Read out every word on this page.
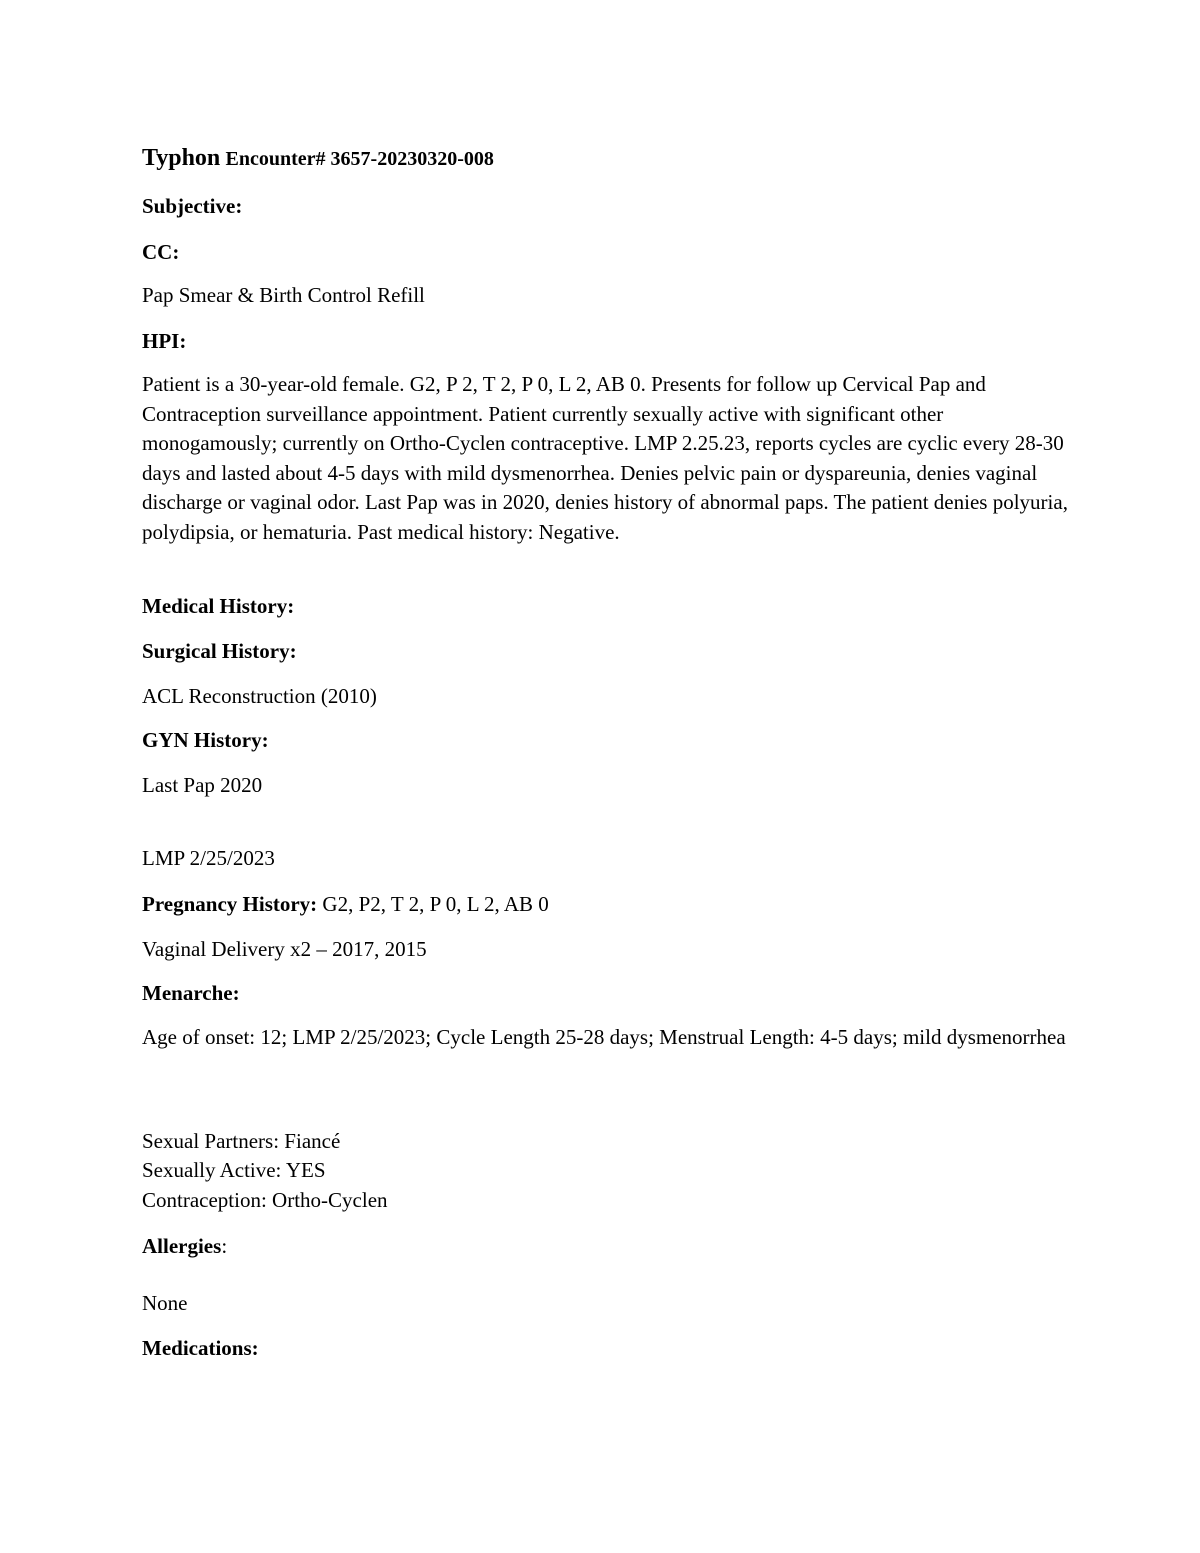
Typhon Encounter# 3657-20230320-008
Subjective:
CC:
Pap Smear & Birth Control Refill
HPI:
Patient is a 30-year-old female. G2, P 2, T 2, P 0, L 2, AB 0. Presents for follow up Cervical Pap and Contraception surveillance appointment. Patient currently sexually active with significant other monogamously; currently on Ortho-Cyclen contraceptive. LMP 2.25.23, reports cycles are cyclic every 28-30 days and lasted about 4-5 days with mild dysmenorrhea. Denies pelvic pain or dyspareunia, denies vaginal discharge or vaginal odor. Last Pap was in 2020, denies history of abnormal paps. The patient denies polyuria, polydipsia, or hematuria. Past medical history: Negative.
Medical History:
Surgical History:
ACL Reconstruction (2010)
GYN History:
Last Pap 2020
LMP 2/25/2023
Pregnancy History: G2, P2, T 2, P 0, L 2, AB 0
Vaginal Delivery x2 – 2017, 2015
Menarche:
Age of onset: 12; LMP 2/25/2023; Cycle Length 25-28 days; Menstrual Length: 4-5 days; mild dysmenorrhea
Sexual Partners: Fiancé
Sexually Active: YES
Contraception: Ortho-Cyclen
Allergies:
None
Medications:
